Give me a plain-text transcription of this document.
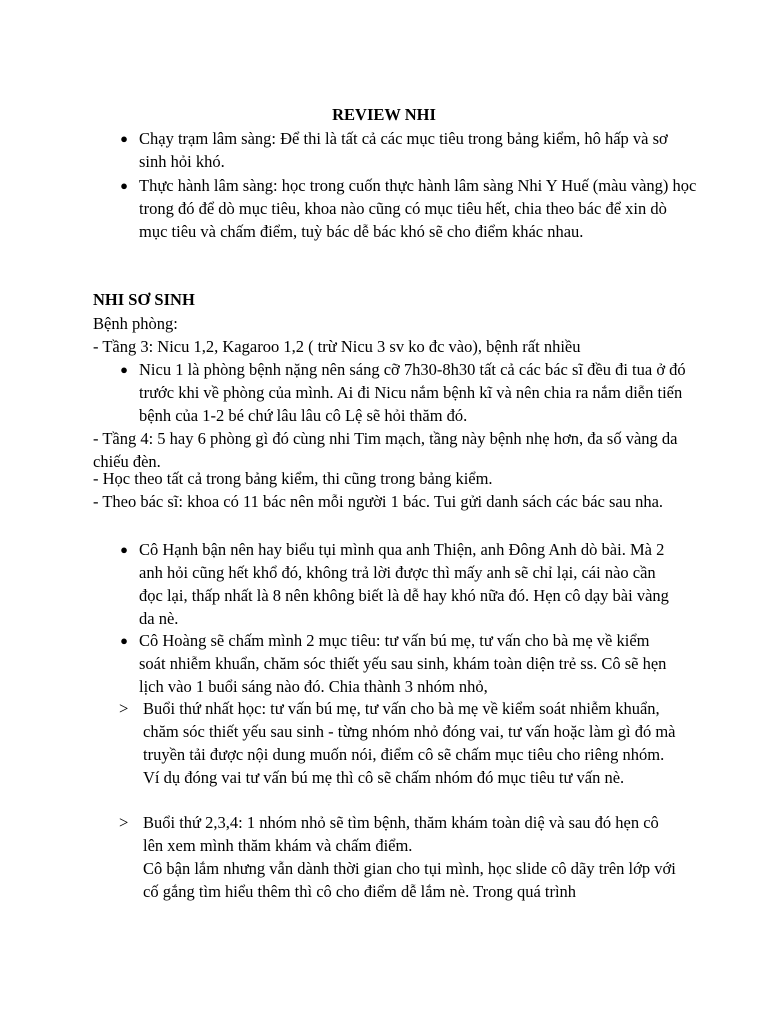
REVIEW NHI
● Chạy trạm lâm sàng: Để thi là tất cả các mục tiêu trong bảng kiểm, hô hấp và sơ sinh hỏi khó.
● Thực hành lâm sàng: học trong cuốn thực hành lâm sàng Nhi Y Huế (màu vàng) học trong đó để dò mục tiêu, khoa nào cũng có mục tiêu hết, chia theo bác để xin dò mục tiêu và chấm điểm, tuỳ bác dễ bác khó sẽ cho điểm khác nhau.
NHI SƠ SINH
Bệnh phòng:
- Tầng 3: Nicu 1,2, Kagaroo 1,2 ( trừ Nicu 3 sv ko đc vào), bệnh rất nhiều
● Nicu 1 là phòng bệnh nặng nên sáng cỡ 7h30-8h30 tất cả các bác sĩ đều đi tua ở đó trước khi về phòng của mình. Ai đi Nicu nắm bệnh kĩ và nên chia ra nắm diễn tiến bệnh của 1-2 bé chứ lâu lâu cô Lệ sẽ hỏi thăm đó.
- Tầng 4: 5 hay 6 phòng gì đó cùng nhi Tim mạch, tầng này bệnh nhẹ hơn, đa số vàng da chiếu đèn.
- Học theo tất cả trong bảng kiểm, thi cũng trong bảng kiểm.
- Theo bác sĩ: khoa có 11 bác nên mỗi người 1 bác. Tui gửi danh sách các bác sau nha.
● Cô Hạnh bận nên hay biểu tụi mình qua anh Thiện, anh Đông Anh dò bài. Mà 2 anh hỏi cũng hết khổ đó, không trả lời được thì mấy anh sẽ chỉ lại, cái nào cần đọc lại, thấp nhất là 8 nên không biết là dễ hay khó nữa đó. Hẹn cô dạy bài vàng da nè.
● Cô Hoàng sẽ chấm mình 2 mục tiêu: tư vấn bú mẹ, tư vấn cho bà mẹ về kiểm soát nhiễm khuẩn, chăm sóc thiết yếu sau sinh, khám toàn diện trẻ ss. Cô sẽ hẹn lịch vào 1 buổi sáng nào đó. Chia thành 3 nhóm nhỏ,
> Buổi thứ nhất học: tư vấn bú mẹ, tư vấn cho bà mẹ về kiểm soát nhiễm khuẩn, chăm sóc thiết yếu sau sinh - từng nhóm nhỏ đóng vai, tư vấn hoặc làm gì đó mà truyền tải được nội dung muốn nói, điểm cô sẽ chấm mục tiêu cho riêng nhóm. Ví dụ đóng vai tư vấn bú mẹ thì cô sẽ chấm nhóm đó mục tiêu tư vấn nè.
> Buổi thứ 2,3,4: 1 nhóm nhỏ sẽ tìm bệnh, thăm khám toàn diệ và sau đó hẹn cô lên xem mình thăm khám và chấm điểm.
Cô bận lắm nhưng vẫn dành thời gian cho tụi mình, học slide cô dãy trên lớp với cố gắng tìm hiểu thêm thì cô cho điểm dễ lắm nè. Trong quá trình
